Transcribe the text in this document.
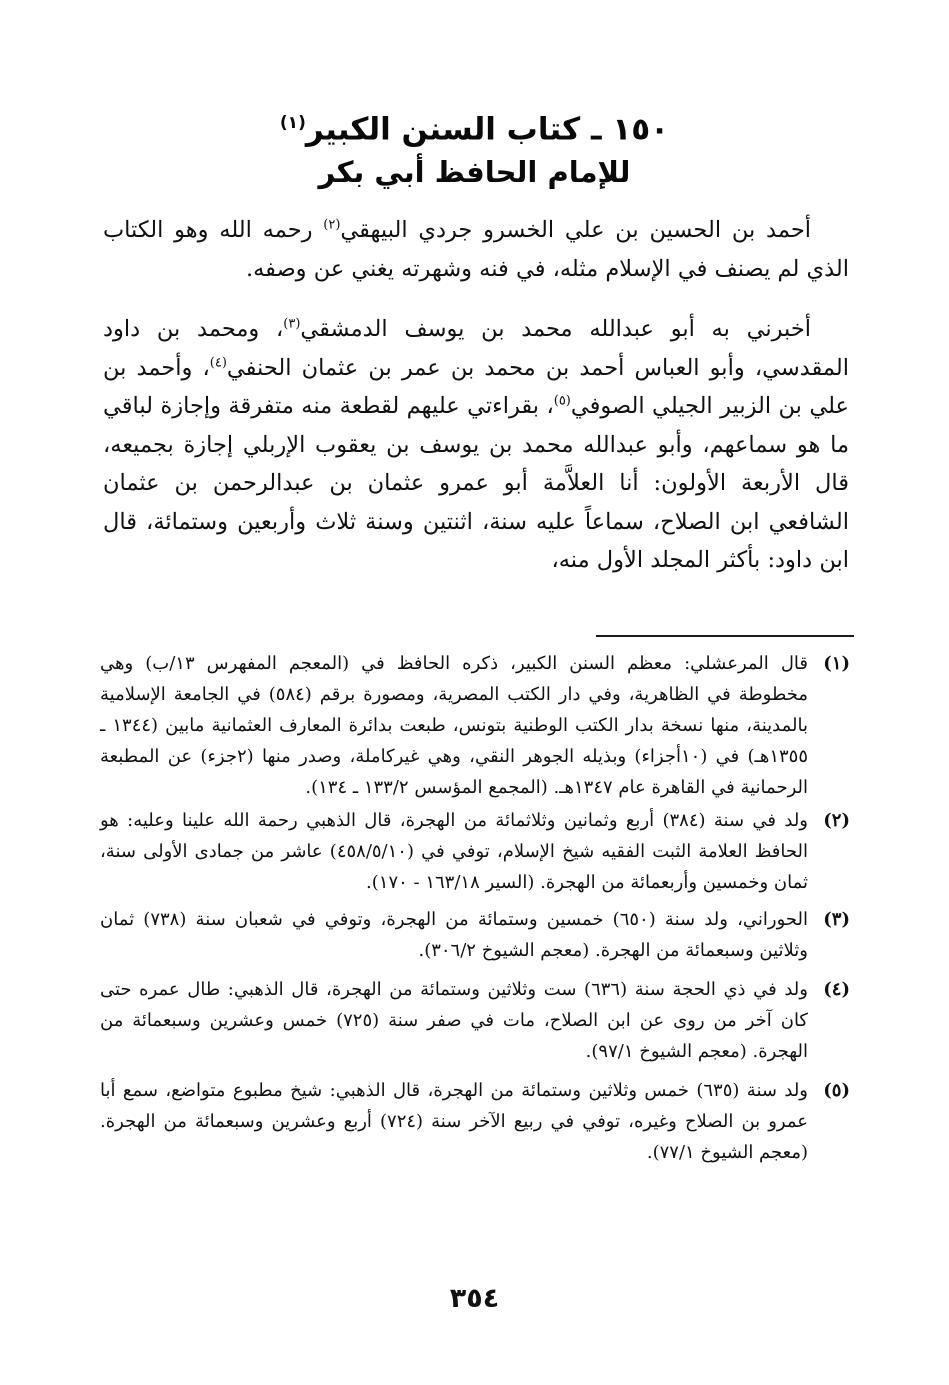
١٥٠ ـ كتاب السنن الكبير$^{(١)}$
للإمام الحافظ أبي بكر

أحمد بن الحسين بن علي الخسرو جردي البيهقي$^{(٢)}$ رحمه الله وهو الكتاب الذي لم يصنف في الإسلام مثله، في فنه وشهرته يغني عن وصفه.

أخبرني به أبو عبدالله محمد بن يوسف الدمشقي$^{(٣)}$، ومحمد بن داود المقدسي، وأبو العباس أحمد بن محمد بن عمر بن عثمان الحنفي$^{(٤)}$، وأحمد بن علي بن الزبير الجيلي الصوفي$^{(٥)}$، بقراءتي عليهم لقطعة منه متفرقة وإجازة لباقي ما هو سماعهم، وأبو عبدالله محمد بن يوسف بن يعقوب الإربلي إجازة بجميعه، قال الأربعة الأولون: أنا العلاَّمة أبو عمرو عثمان بن عبدالرحمن بن عثمان الشافعي ابن الصلاح، سماعاً عليه سنة، اثنتين وسنة ثلاث وأربعين وستمائة، قال ابن داود: بأكثر المجلد الأول منه،

(١)
قال المرعشلي: معظم السنن الكبير، ذكره الحافظ في (المعجم المفهرس ١٣/ب) وهي مخطوطة في الظاهرية، وفي دار الكتب المصرية، ومصورة برقم (٥٨٤) في الجامعة الإسلامية بالمدينة، منها نسخة بدار الكتب الوطنية بتونس، طبعت بدائرة المعارف العثمانية مابين (١٣٤٤ ـ ١٣٥٥هـ) في (١٠أجزاء) وبذيله الجوهر النقي، وهي غيركاملة، وصدر منها (٢جزء) عن المطبعة الرحمانية في القاهرة عام ١٣٤٧هـ. (المجمع المؤسس ١٣٣/٢ ـ ١٣٤).
(٢)
ولد في سنة (٣٨٤) أربع وثمانين وثلاثمائة من الهجرة، قال الذهبي رحمة الله علينا وعليه: هو الحافظ العلامة الثبت الفقيه شيخ الإسلام، توفي في (٤٥٨/٥/١٠) عاشر من جمادى الأولى سنة، ثمان وخمسين وأربعمائة من الهجرة. (السير ١٦٣/١٨ - ١٧٠).
(٣)
الحوراني، ولد سنة (٦٥٠) خمسين وستمائة من الهجرة، وتوفي في شعبان سنة (٧٣٨) ثمان وثلاثين وسبعمائة من الهجرة. (معجم الشيوخ ٣٠٦/٢).
(٤)
ولد في ذي الحجة سنة (٦٣٦) ست وثلاثين وستمائة من الهجرة، قال الذهبي: طال عمره حتى كان آخر من روى عن ابن الصلاح، مات في صفر سنة (٧٢٥) خمس وعشرين وسبعمائة من الهجرة. (معجم الشيوخ ٩٧/١).
(٥)
ولد سنة (٦٣٥) خمس وثلاثين وستمائة من الهجرة، قال الذهبي: شيخ مطبوع متواضع، سمع أبا عمرو بن الصلاح وغيره، توفي في ربيع الآخر سنة (٧٢٤) أربع وعشرين وسبعمائة من الهجرة. (معجم الشيوخ ٧٧/١).
٣٥٤
